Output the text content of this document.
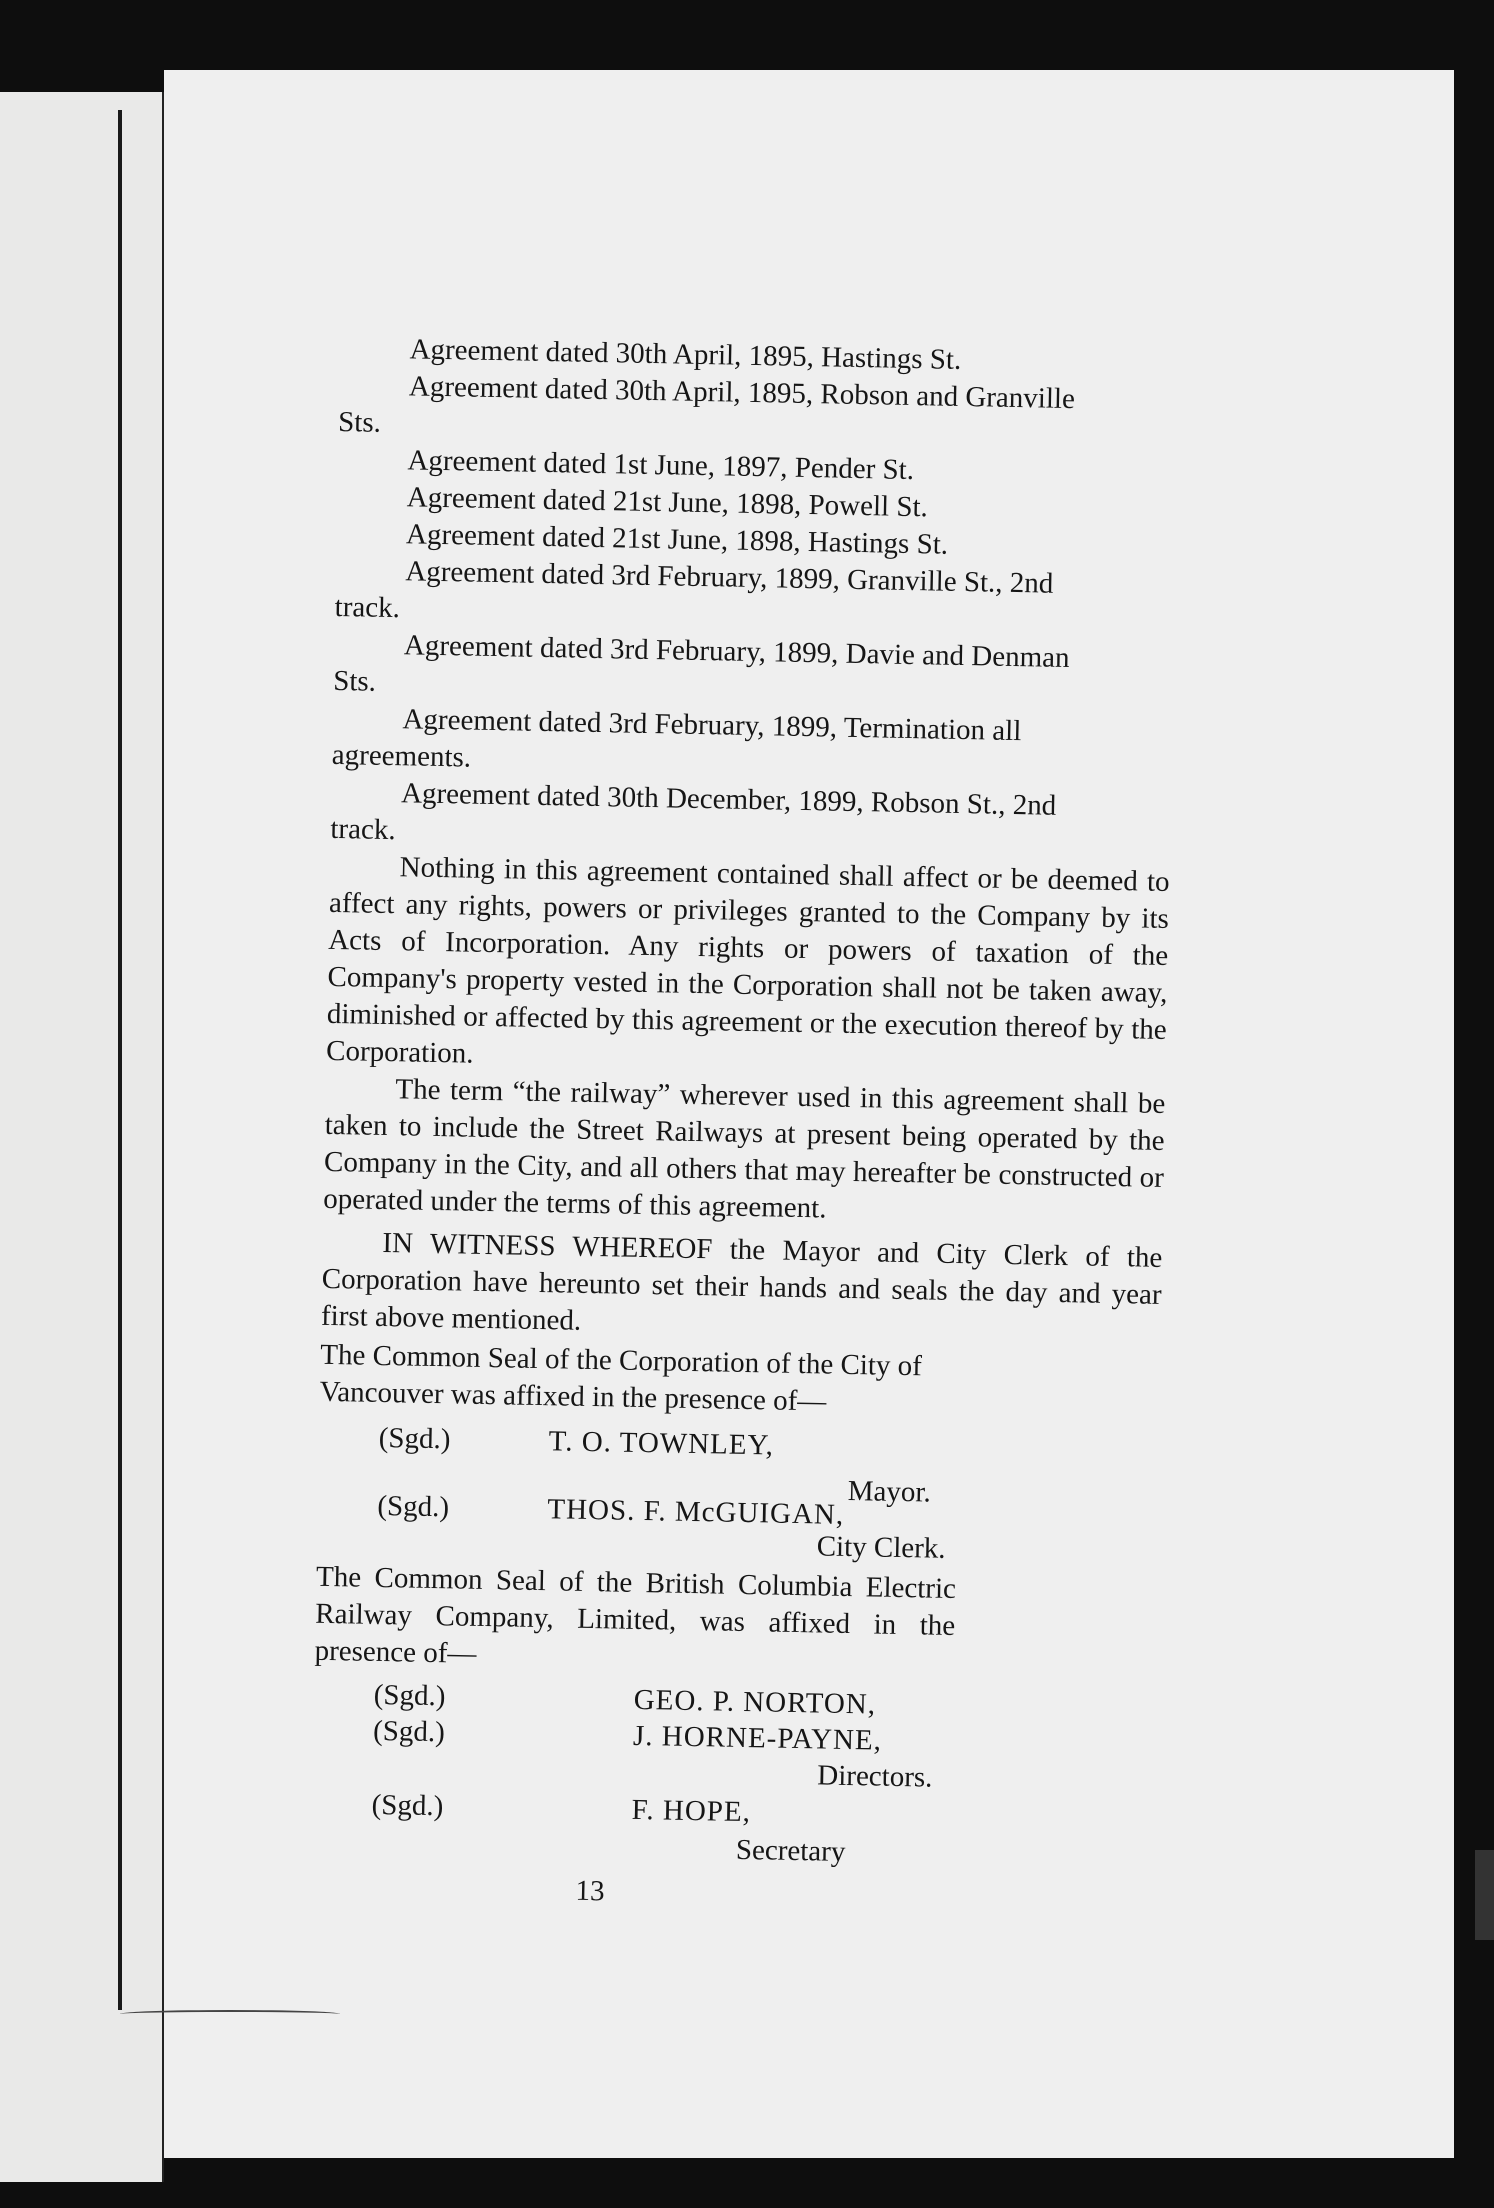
Agreement dated 30th April, 1895, Hastings St.
Agreement dated 30th April, 1895, Robson and Granville
Sts.
Agreement dated 1st June, 1897, Pender St.
Agreement dated 21st June, 1898, Powell St.
Agreement dated 21st June, 1898, Hastings St.
Agreement dated 3rd February, 1899, Granville St., 2nd
track.
Agreement dated 3rd February, 1899, Davie and Denman
Sts.
Agreement dated 3rd February, 1899, Termination all
agreements.
Agreement dated 30th December, 1899, Robson St., 2nd
track.
Nothing in this agreement contained shall affect or be deemed to affect any rights, powers or privileges granted to the Company by its Acts of Incorporation. Any rights or powers of taxation of the Company's property vested in the Corporation shall not be taken away, diminished or affected by this agreement or the execution thereof by the Corporation.
The term “the railway” wherever used in this agreement shall be taken to include the Street Railways at present being operated by the Company in the City, and all others that may hereafter be constructed or operated under the terms of this agreement.
IN WITNESS WHEREOF the Mayor and City Clerk of the Corporation have hereunto set their hands and seals the day and year first above mentioned.
The Common Seal of the Corporation of the City of Vancouver was affixed in the presence of—
(Sgd.)	T. O. TOWNLEY,
Mayor.
(Sgd.)	THOS. F. McGUIGAN,
City Clerk.
The Common Seal of the British Columbia Electric Railway Company, Limited, was affixed in the presence of—
(Sgd.)	GEO. P. NORTON,
(Sgd.)	J. HORNE-PAYNE,
Directors.
(Sgd.)	F. HOPE,
Secretary
13
